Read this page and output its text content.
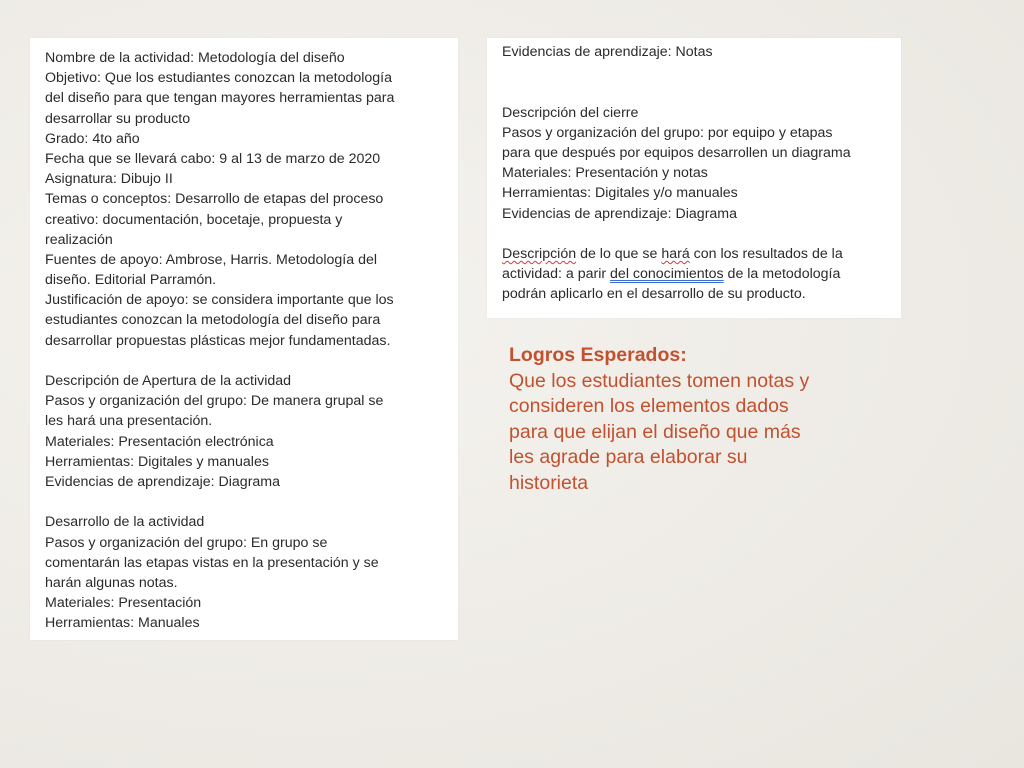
Nombre de la actividad: Metodología del diseño
Objetivo: Que los estudiantes conozcan la metodología
del diseño para que tengan mayores herramientas para
desarrollar su producto
Grado: 4to año
Fecha que se llevará cabo: 9 al 13 de marzo de 2020
Asignatura: Dibujo II
Temas o conceptos: Desarrollo de etapas del proceso
creativo: documentación, bocetaje, propuesta y
realización
Fuentes de apoyo: Ambrose, Harris. Metodología del
diseño. Editorial Parramón.
Justificación de apoyo: se considera importante que los
estudiantes conozcan la metodología del diseño para
desarrollar propuestas plásticas mejor fundamentadas.
Descripción de Apertura de la actividad
Pasos y organización del grupo: De manera grupal se
les hará una presentación.
Materiales: Presentación electrónica
Herramientas: Digitales y manuales
Evidencias de aprendizaje: Diagrama
Desarrollo de la actividad
Pasos y organización del grupo: En grupo se
comentarán las etapas vistas en la presentación y se
harán algunas notas.
Materiales: Presentación
Herramientas: Manuales
Evidencias de aprendizaje: Notas
Descripción del cierre
Pasos y organización del grupo: por equipo y etapas
para que después por equipos desarrollen un diagrama
Materiales: Presentación y notas
Herramientas: Digitales y/o manuales
Evidencias de aprendizaje: Diagrama
Descripción de lo que se hará con los resultados de la
actividad: a parir del conocimientos de la metodología
podrán aplicarlo en el desarrollo de su producto.
Logros Esperados:
Que los estudiantes tomen notas y
consideren los elementos dados
para que elijan el diseño que más
les agrade para elaborar su
historieta
